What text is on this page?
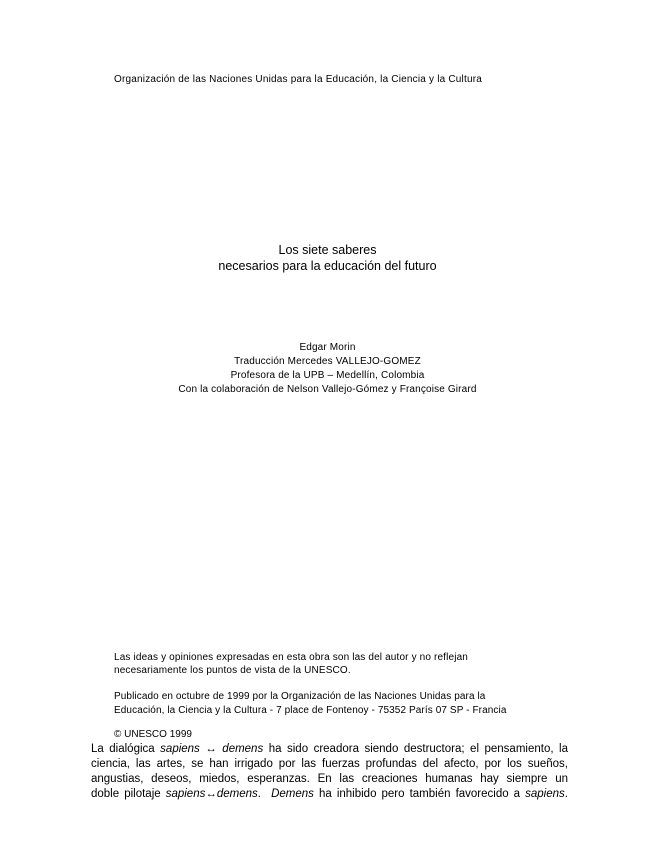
Organización de las Naciones Unidas para la Educación, la Ciencia y la Cultura
Los siete saberes
necesarios para la educación del futuro
Edgar Morin
Traducción Mercedes VALLEJO-GOMEZ
Profesora de la UPB – Medellín, Colombia
Con la colaboración de Nelson Vallejo-Gómez y Françoise Girard
Las ideas y opiniones expresadas en esta obra son las del autor y no reflejan
necesariamente los puntos de vista de la UNESCO.
Publicado en octubre de 1999 por la Organización de las Naciones Unidas para la
Educación, la Ciencia y la Cultura - 7 place de Fontenoy - 75352 París 07 SP - Francia
© UNESCO 1999
La dialógica sapiens ↔ demens ha sido creadora siendo destructora; el pensamiento, la
ciencia, las artes, se han irrigado por las fuerzas profundas del afecto, por los sueños,
angustias, deseos, miedos, esperanzas. En las creaciones humanas hay siempre un
doble pilotaje sapiens↔demens.  Demens ha inhibido pero también favorecido a sapiens.
